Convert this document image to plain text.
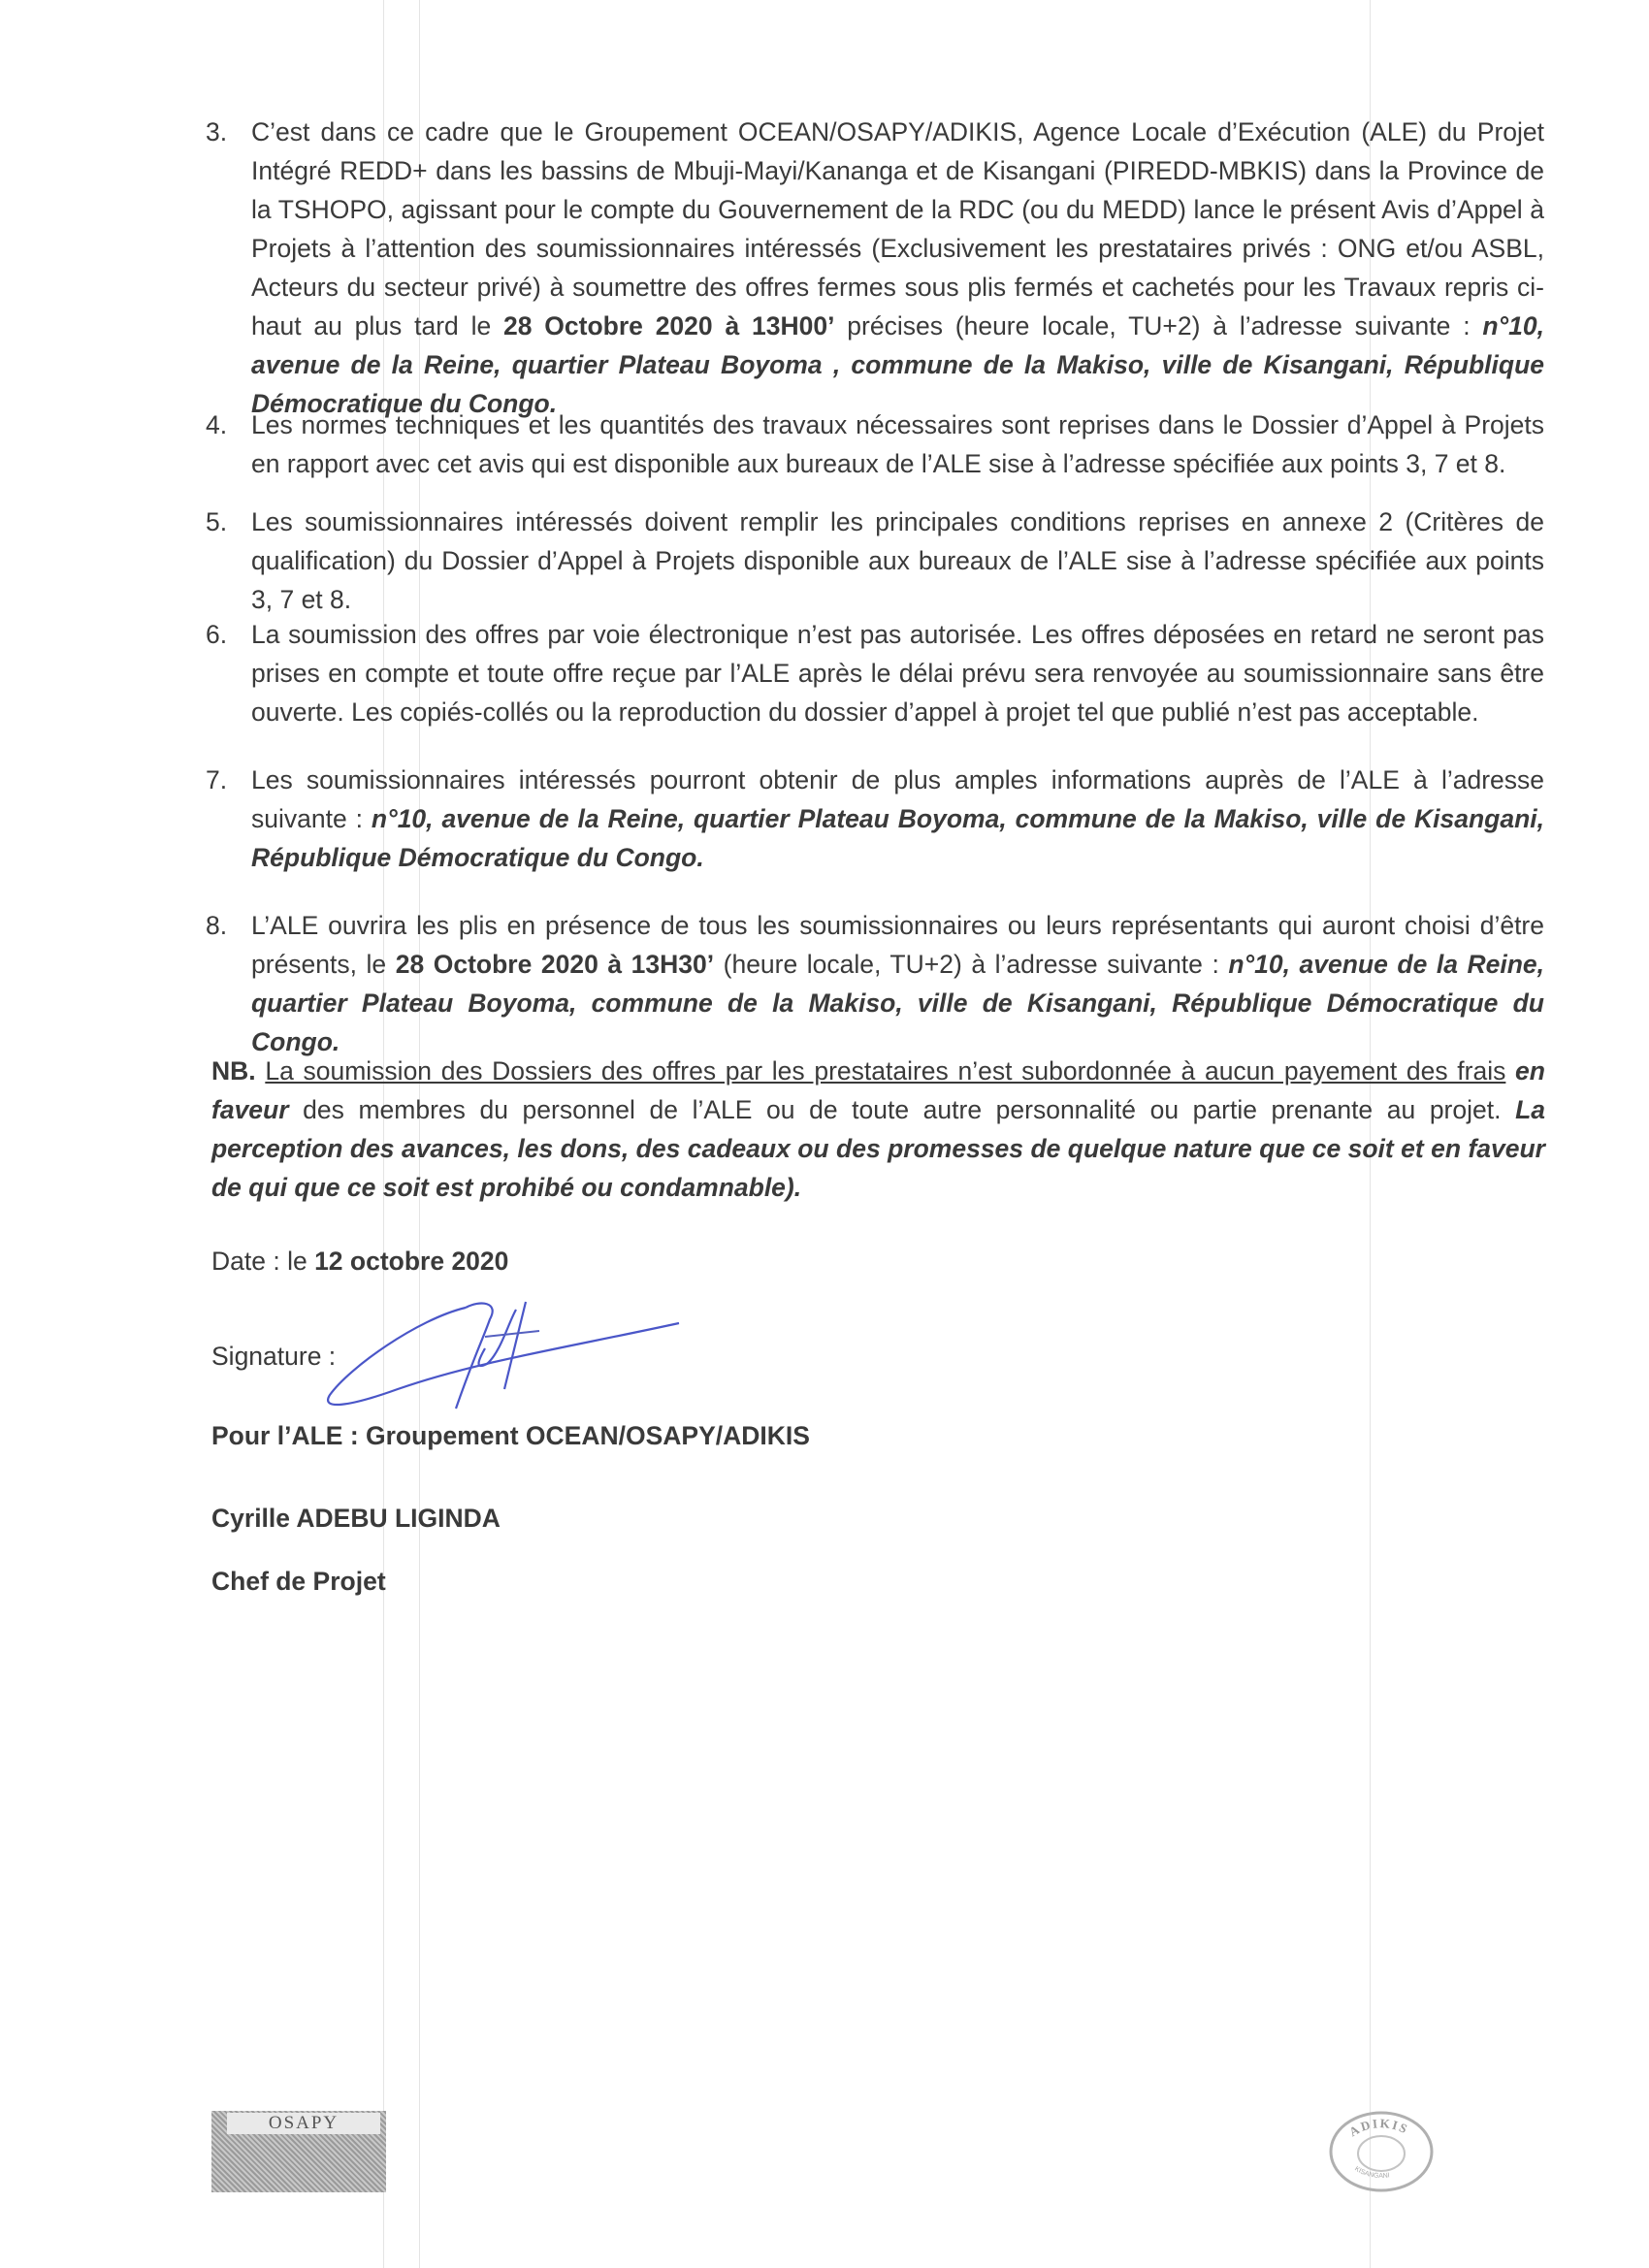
3. C’est dans ce cadre que le Groupement OCEAN/OSAPY/ADIKIS, Agence Locale d’Exécution (ALE) du Projet Intégré REDD+ dans les bassins de Mbuji-Mayi/Kananga et de Kisangani (PIREDD-MBKIS) dans la Province de la TSHOPO, agissant pour le compte du Gouvernement de la RDC (ou du MEDD) lance le présent Avis d’Appel à Projets à l’attention des soumissionnaires intéressés (Exclusivement les prestataires privés : ONG et/ou ASBL, Acteurs du secteur privé) à soumettre des offres fermes sous plis fermés et cachetés pour les Travaux repris ci-haut au plus tard le 28 Octobre 2020 à 13H00’ précises (heure locale, TU+2) à l’adresse suivante : n°10, avenue de la Reine, quartier Plateau Boyoma , commune de la Makiso, ville de Kisangani, République Démocratique du Congo.
4. Les normes techniques et les quantités des travaux nécessaires sont reprises dans le Dossier d’Appel à Projets en rapport avec cet avis qui est disponible aux bureaux de l’ALE sise à l’adresse spécifiée aux points 3, 7 et 8.
5. Les soumissionnaires intéressés doivent remplir les principales conditions reprises en annexe 2 (Critères de qualification) du Dossier d’Appel à Projets disponible aux bureaux de l’ALE sise à l’adresse spécifiée aux points 3, 7 et 8.
6. La soumission des offres par voie électronique n’est pas autorisée. Les offres déposées en retard ne seront pas prises en compte et toute offre reçue par l’ALE après le délai prévu sera renvoyée au soumissionnaire sans être ouverte. Les copiés-collés ou la reproduction du dossier d’appel à projet tel que publié n’est pas acceptable.
7. Les soumissionnaires intéressés pourront obtenir de plus amples informations auprès de l’ALE à l’adresse suivante : n°10, avenue de la Reine, quartier Plateau Boyoma, commune de la Makiso, ville de Kisangani, République Démocratique du Congo.
8. L’ALE ouvrira les plis en présence de tous les soumissionnaires ou leurs représentants qui auront choisi d’être présents, le 28 Octobre 2020 à 13H30’ (heure locale, TU+2) à l’adresse suivante : n°10, avenue de la Reine, quartier Plateau Boyoma, commune de la Makiso, ville de Kisangani, République Démocratique du Congo.
NB. La soumission des Dossiers des offres par les prestataires n’est subordonnée à aucun payement des frais en faveur des membres du personnel de l’ALE ou de toute autre personnalité ou partie prenante au projet. La perception des avances, les dons, des cadeaux ou des promesses de quelque nature que ce soit et en faveur de qui que ce soit est prohibé ou condamnable).
Date : le 12 octobre 2020
Signature :
Pour l’ALE : Groupement OCEAN/OSAPY/ADIKIS
Cyrille ADEBU LIGINDA
Chef de Projet
OSAPY	ADIKIS
KISANGANI
